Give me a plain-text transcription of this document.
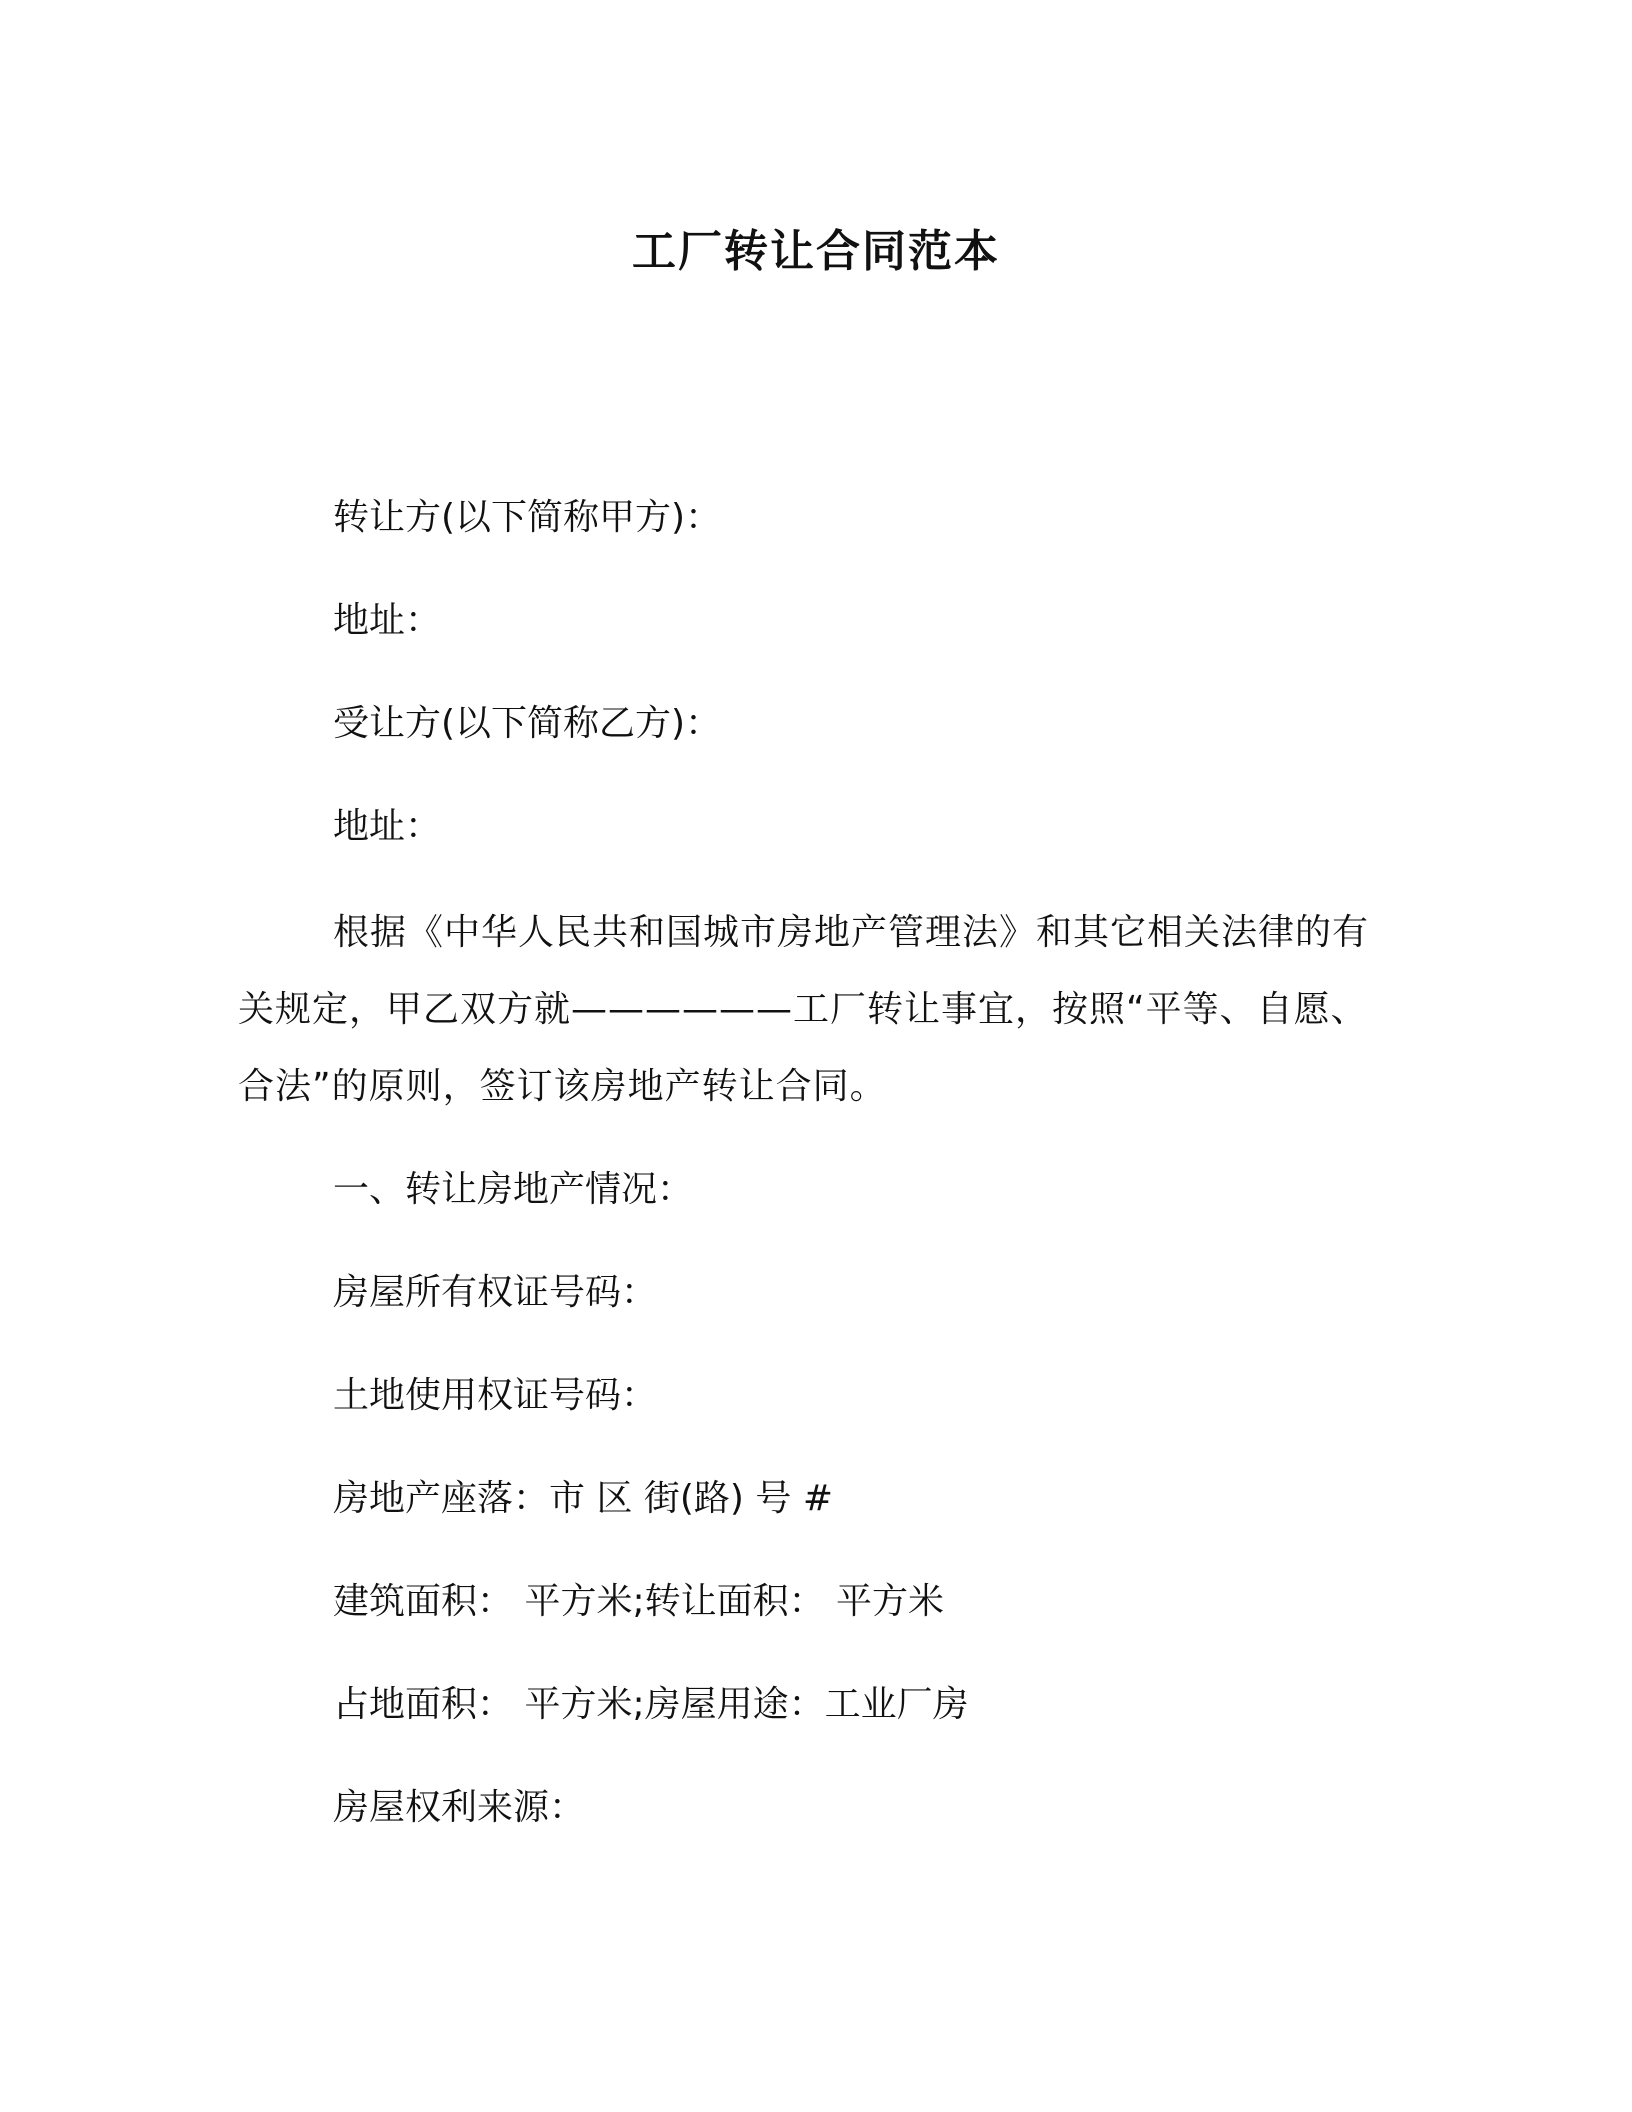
工厂转让合同范本
转让方(以下简称甲方)：
地址：
受让方(以下简称乙方)：
地址：
根据《中华人民共和国城市房地产管理法》和其它相关法律的有关规定，甲乙双方就——————工厂转让事宜，按照“平等、自愿、合法”的原则，签订该房地产转让合同。
一、转让房地产情况：
房屋所有权证号码：
土地使用权证号码：
房地产座落：市 区 街(路) 号 #
建筑面积： 平方米;转让面积： 平方米
占地面积： 平方米;房屋用途：工业厂房
房屋权利来源：
